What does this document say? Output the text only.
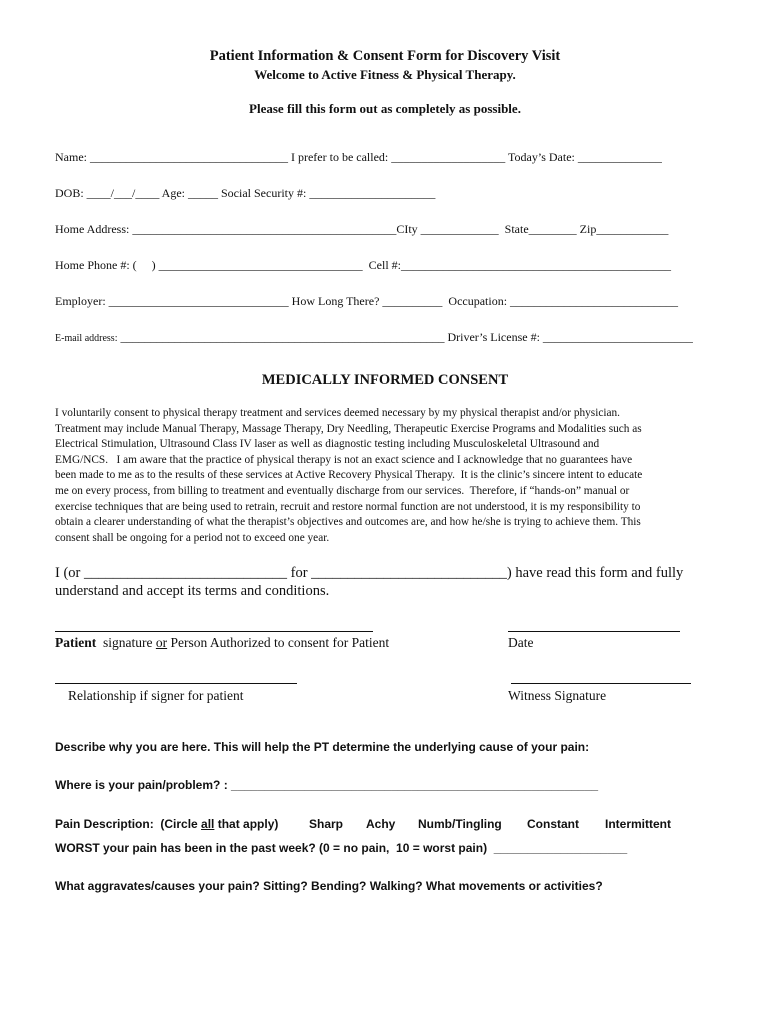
Patient Information & Consent Form for Discovery Visit
Welcome to Active Fitness & Physical Therapy.
Please fill this form out as completely as possible.
Name: _________________________________ I prefer to be called: ___________________ Today’s Date: ______________
DOB: ____/___/____ Age: _____ Social Security #: _____________________
Home Address: ____________________________________________CIty _____________  State________ Zip____________
Home Phone #: (     ) __________________________________  Cell #:_____________________________________________
Employer: ______________________________ How Long There? __________  Occupation: ____________________________
E-mail address: ______________________________________________________ Driver’s License #: _________________________
MEDICALLY INFORMED CONSENT
I voluntarily consent to physical therapy treatment and services deemed necessary by my physical therapist and/or physician.
Treatment may include Manual Therapy, Massage Therapy, Dry Needling, Therapeutic Exercise Programs and Modalities such as
Electrical Stimulation, Ultrasound Class IV laser as well as diagnostic testing including Musculoskeletal Ultrasound and
EMG/NCS.   I am aware that the practice of physical therapy is not an exact science and I acknowledge that no guarantees have
been made to me as to the results of these services at Active Recovery Physical Therapy.  It is the clinic’s sincere intent to educate
me on every process, from billing to treatment and eventually discharge from our services.  Therefore, if “hands-on” manual or
exercise techniques that are being used to retrain, recruit and restore normal function are not understood, it is my responsibility to
obtain a clearer understanding of what the therapist’s objectives and outcomes are, and how he/she is trying to achieve them. This
consent shall be ongoing for a period not to exceed one year.
I (or ____________________________ for ___________________________) have read this form and fully
understand and accept its terms and conditions.
Patient  signature or Person Authorized to consent for Patient	Date
Relationship if signer for patient	Witness Signature
Describe why you are here. This will help the PT determine the underlying cause of your pain:
Where is your pain/problem? : _______________________________________________________
Pain Description:  (Circle all that apply)	Sharp Achy Numb/Tingling Constant Intermittent
WORST your pain has been in the past week? (0 = no pain,  10 = worst pain)  ____________________
What aggravates/causes your pain? Sitting? Bending? Walking? What movements or activities?
